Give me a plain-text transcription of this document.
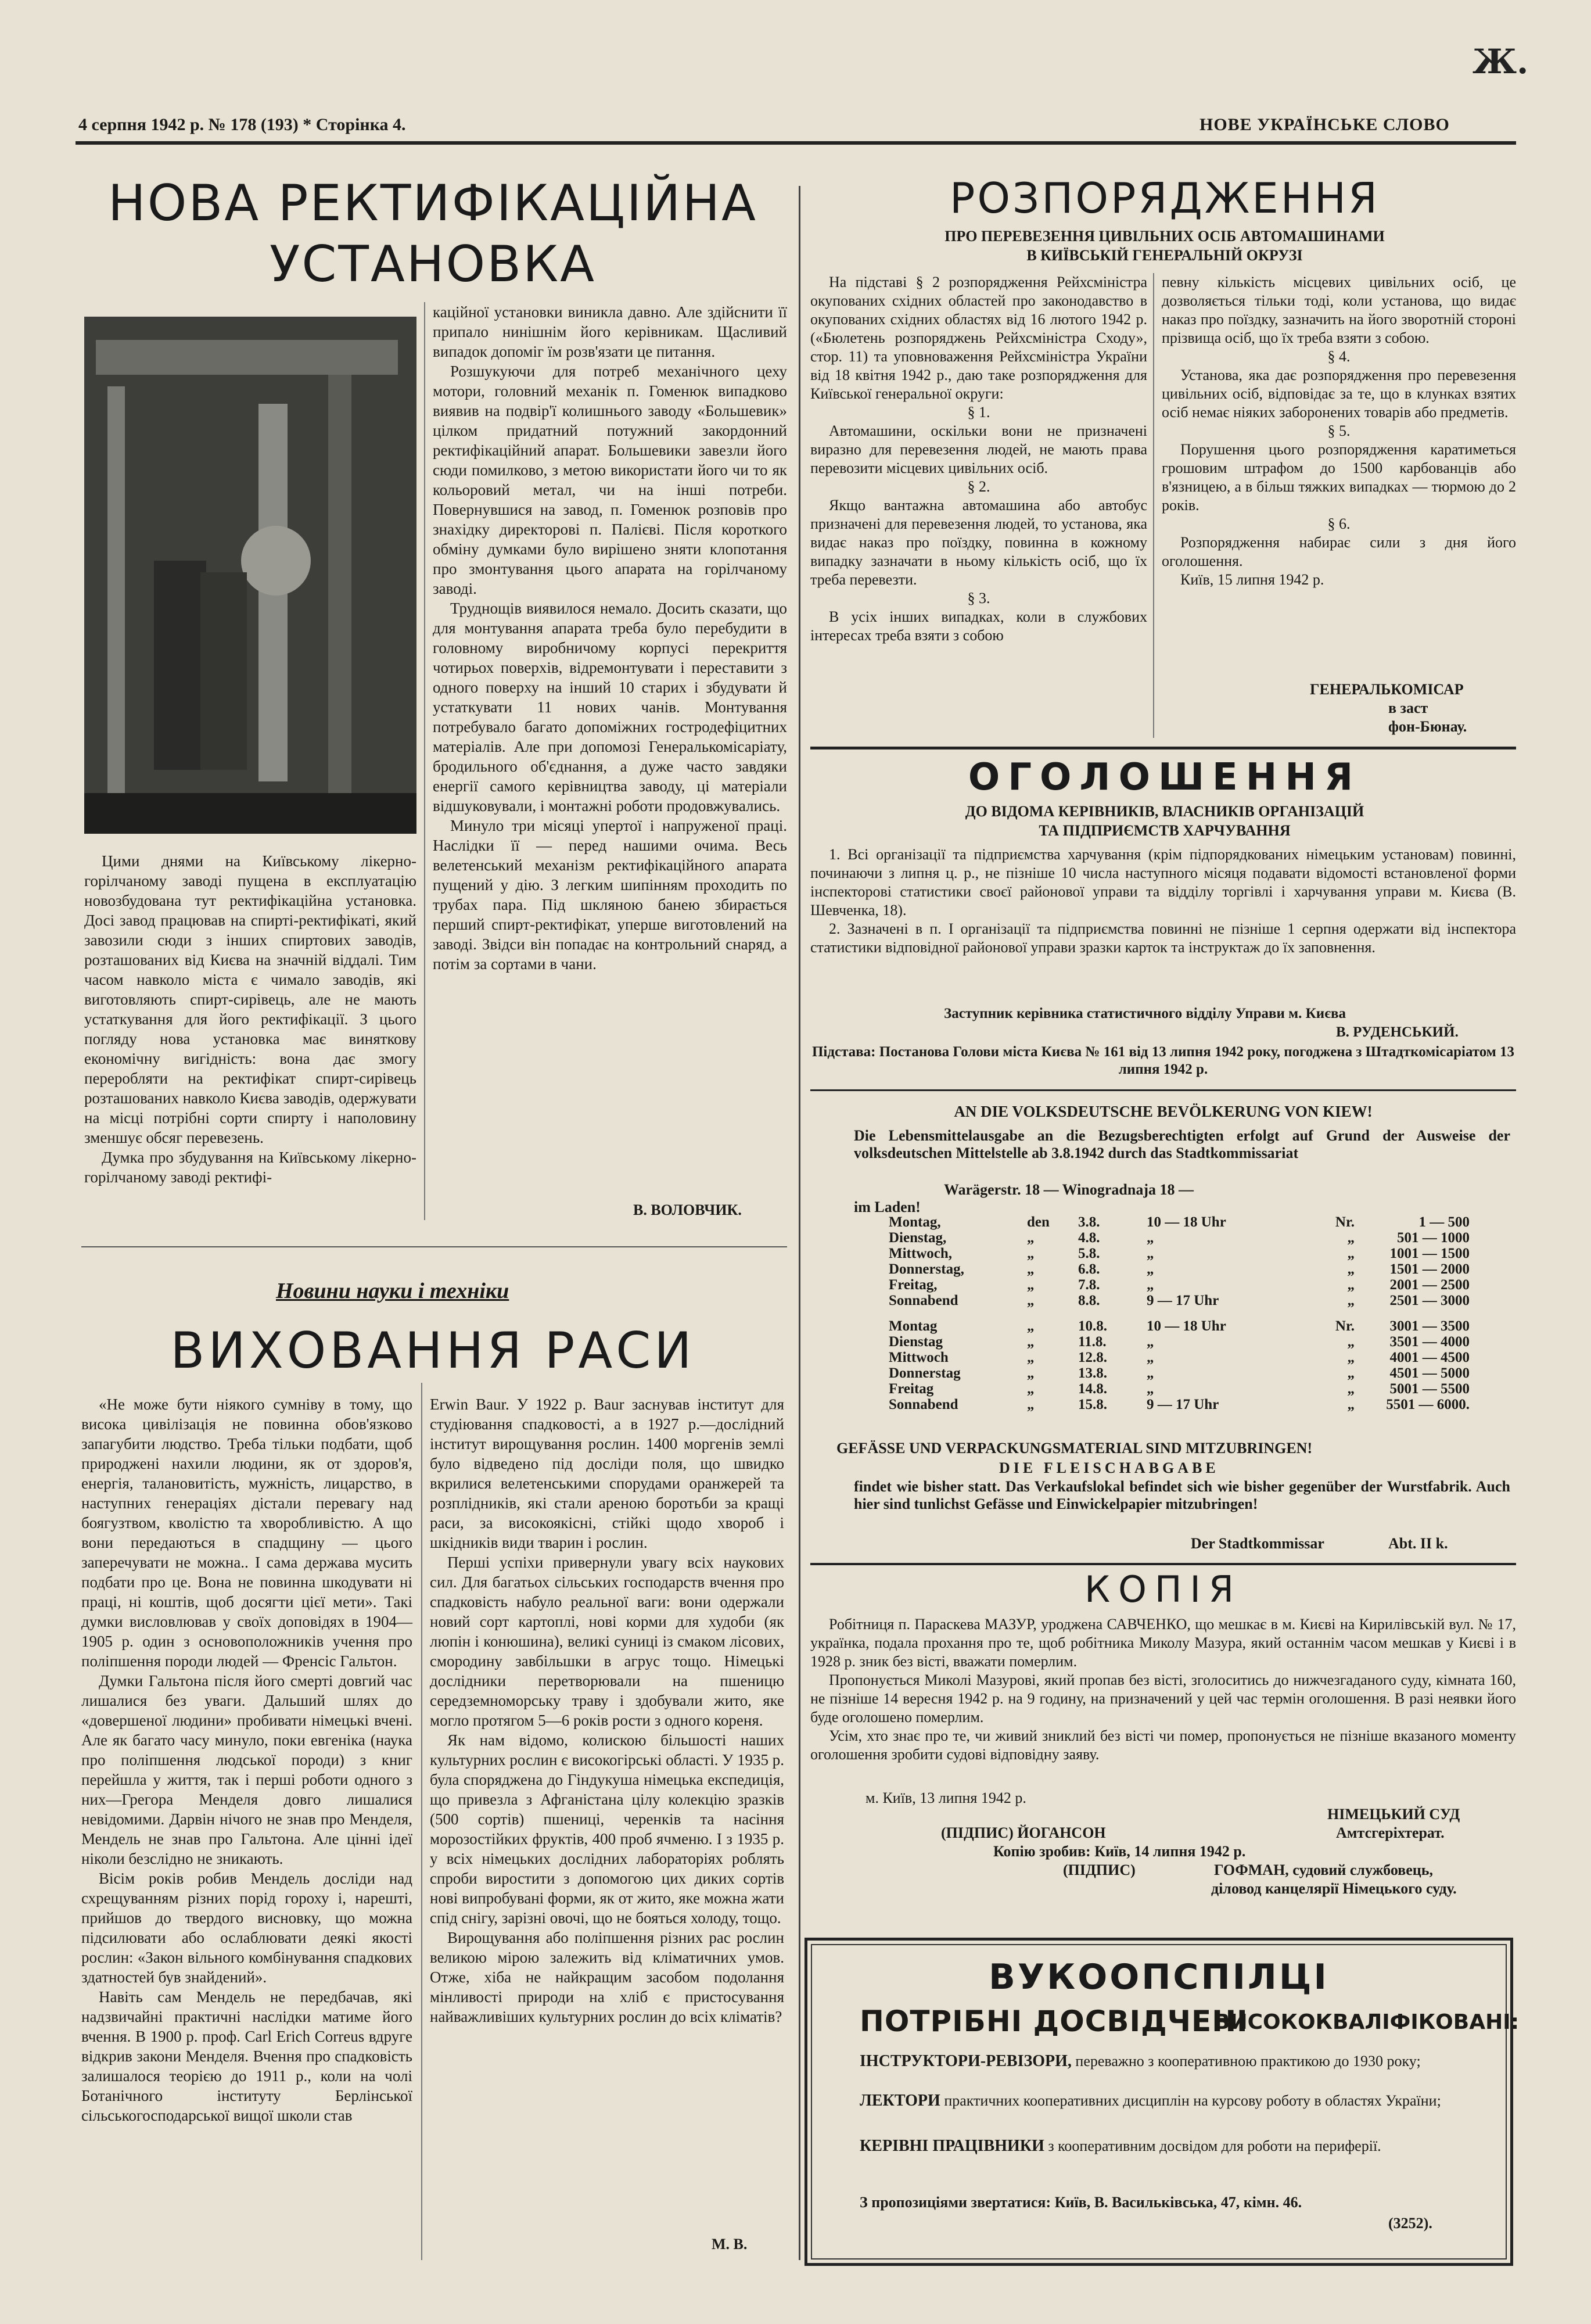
Ж.
4 серпня 1942 р. № 178 (193) * Сторінка 4.	НОВЕ УКРАЇНСЬКЕ СЛОВО
НОВА РЕКТИФІКАЦІЙНА
УСТАНОВКА

Цими днями на Київському лікерно-горілчаному заводі пущена в експлуатацію новозбудована тут ректифікаційна установка. Досі завод працював на спирті-ректифікаті, який завозили сюди з інших спиртових заводів, розташованих від Києва на значній віддалі. Тим часом навколо міста є чимало заводів, які виготовляють спирт-сирівець, але не мають устаткування для його ректифікації. З цього погляду нова установка має виняткову економічну вигідність: вона дає змогу переробляти на ректифікат спирт-сирівець розташованих навколо Києва заводів, одержувати на місці потрібні сорти спирту і наполовину зменшує обсяг перевезень.

Думка про збудування на Київському лікерно-горілчаному заводі ректифі-

каційної установки виникла давно. Але здійснити її припало нинішнім його керівникам. Щасливий випадок допоміг їм розв'язати це питання.

Розшукуючи для потреб механічного цеху мотори, головний механік п. Гоменюк випадково виявив на подвір'ї колишнього заводу «Большевик» цілком придатний потужний закордонний ректифікаційний апарат. Большевики завезли його сюди помилково, з метою використати його чи то як кольоровий метал, чи на інші потреби. Повернувшися на завод, п. Гоменюк розповів про знахідку директорові п. Палієві. Після короткого обміну думками було вирішено зняти клопотання про змонтування цього апарата на горілчаному заводі.

Труднощів виявилося немало. Досить сказати, що для монтування апарата треба було перебудити в головному виробничому корпусі перекриття чотирьох поверхів, відремонтувати і переставити з одного поверху на інший 10 старих і збудувати й устаткувати 11 нових чанів. Монтування потребувало багато допоміжних гостродефіцитних матеріалів. Але при допомозі Генералькомісаріату, бродильного об'єднання, а дуже часто завдяки енергії самого керівництва заводу, ці матеріали відшуковували, і монтажні роботи продовжувались.

Минуло три місяці упертої і напруженої праці. Наслідки її — перед нашими очима. Весь велетенський механізм ректифікаційного апарата пущений у дію. З легким шипінням проходить по трубах пара. Під шкляною банею збирається перший спирт-ректифікат, уперше виготовлений на заводі. Звідси він попадає на контрольний снаряд, а потім за сортами в чани.

В. ВОЛОВЧИК.
Новини науки і техніки
ВИХОВАННЯ РАСИ

«Не може бути ніякого сумніву в тому, що висока цивілізація не повинна обов'язково запагубити людство. Треба тільки подбати, щоб природжені нахили людини, як от здоров'я, енергія, талановитість, мужність, лицарство, в наступних генераціях дістали перевагу над боягузтвом, кволістю та хворобливістю. А що вони передаються в спадщину — цього заперечувати не можна.. І сама держава мусить подбати про це. Вона не повинна шкодувати ні праці, ні коштів, щоб досягти цієї мети». Такі думки висловлював у своїх доповідях в 1904—1905 р. один з основоположників учення про поліпшення породи людей — Френсіс Гальтон.

Думки Гальтона після його смерті довгий час лишалися без уваги. Дальший шлях до «довершеної людини» пробивати німецькі вчені. Але як багато часу минуло, поки евгеніка (наука про поліпшення людської породи) з книг перейшла у життя, так і перші роботи одного з них—Грегора Менделя довго лишалися невідомими. Дарвін нічого не знав про Менделя, Мендель не знав про Гальтона. Але цінні ідеї ніколи безслідно не зникають.

Вісім років робив Мендель досліди над схрещуванням різних порід гороху і, нарешті, прийшов до твердого висновку, що можна підсилювати або ослаблювати деякі якості рослин: «Закон вільного комбінування спадкових здатностей був знайдений».

Навіть сам Мендель не передбачав, які надзвичайні практичні наслідки матиме його вчення. В 1900 р. проф. Carl Erich Correus вдруге відкрив закони Менделя. Вчення про спадковість залишалося теорією до 1911 р., коли на чолі Ботанічного інституту Берлінської сільськогосподарської вищої школи став

Erwin Baur. У 1922 р. Baur заснував інститут для студіювання спадковості, а в 1927 р.—дослідний інститут вирощування рослин. 1400 моргенів землі було відведено під досліди поля, що швидко вкрилися велетенськими спорудами оранжерей та розплідників, які стали ареною боротьби за кращі раси, за високоякісні, стійкі щодо хвороб і шкідників види тварин і рослин.

Перші успіхи привернули увагу всіх наукових сил. Для багатьох сільських господарств вчення про спадковість набуло реальної ваги: вони одержали новий сорт картоплі, нові корми для худоби (як люпін і конюшина), великі суниці із смаком лісових, смородину завбільшки в агрус тощо. Німецькі дослідники перетворювали на пшеницю середземноморську траву і здобували жито, яке могло протягом 5—6 років рости з одного кореня.

Як нам відомо, колискою більшості наших культурних рослин є високогірські області. У 1935 р. була споряджена до Гіндукуша німецька експедиція, що привезла з Афганістана цілу колекцію зразків (500 сортів) пшениці, черенків та насіння морозостійких фруктів, 400 проб ячменю. І з 1935 р. у всіх німецьких дослідних лабораторіях роблять спроби виростити з допомогою цих диких сортів нові випробувані форми, як от жито, яке можна жати спід снігу, зарізні овочі, що не бояться холоду, тощо.

Вирощування або поліпшення різних рас рослин великою мірою залежить від кліматичних умов. Отже, хіба не найкращим засобом подолання мінливості природи на хліб є пристосування найважливіших культурних рослин до всіх кліматів?

М. В.
РОЗПОРЯДЖЕННЯ
ПРО ПЕРЕВЕЗЕННЯ ЦИВІЛЬНИХ ОСІБ АВТОМАШИНАМИ
В КИЇВСЬКІЙ ГЕНЕРАЛЬНІЙ ОКРУЗІ

На підставі § 2 розпорядження Рейхсміністра окупованих східних областей про законодавство в окупованих східних областях від 16 лютого 1942 р. («Бюлетень розпоряджень Рейхсміністра Сходу», стор. 11) та уповноваження Рейхсміністра України від 18 квітня 1942 р., даю таке розпорядження для Київської генеральної округи:

§ 1.

Автомашини, оскільки вони не призначені виразно для перевезення людей, не мають права перевозити місцевих цивільних осіб.

§ 2.

Якщо вантажна автомашина або автобус призначені для перевезення людей, то установа, яка видає наказ про поїздку, повинна в кожному випадку зазначати в ньому кількість осіб, що їх треба перевезти.

§ 3.

В усіх інших випадках, коли в службових інтересах треба взяти з собою

певну кількість місцевих цивільних осіб, це дозволяється тільки тоді, коли установа, що видає наказ про поїздку, зазначить на його зворотній стороні прізвища осіб, що їх треба взяти з собою.

§ 4.

Установа, яка дає розпорядження про перевезення цивільних осіб, відповідає за те, що в клунках взятих осіб немає ніяких заборонених товарів або предметів.

§ 5.

Порушення цього розпорядження каратиметься грошовим штрафом до 1500 карбованців або в'язницею, а в більш тяжких випадках — тюрмою до 2 років.

§ 6.

Розпорядження набирає сили з дня його оголошення.

Київ, 15 липня 1942 р.

ГЕНЕРАЛЬКОМІСАР
в заст
фон-Бюнау.
ОГОЛОШЕННЯ
ДО ВІДОМА КЕРІВНИКІВ, ВЛАСНИКІВ ОРГАНІЗАЦІЙ
ТА ПІДПРИЄМСТВ ХАРЧУВАННЯ

1. Всі організації та підприємства харчування (крім підпорядкованих німецьким установам) повинні, починаючи з липня ц. р., не пізніше 10 числа наступного місяця подавати відомості встановленої форми інспекторові статистики своєї районової управи та відділу торгівлі і харчування управи м. Києва (В. Шевченка, 18).

2. Зазначені в п. І організації та підприємства повинні не пізніше 1 серпня одержати від інспектора статистики відповідної районової управи зразки карток та інструктаж до їх заповнення.

Заступник керівника статистичного відділу Управи м. Києва
В. РУДЕНСЬКИЙ.
Підстава: Постанова Голови міста Києва № 161 від 13 липня 1942 року, погоджена з Штадткомісаріатом 13 липня 1942 р.
AN DIE VOLKSDEUTSCHE BEVÖLKERUNG VON KIEW!
Die Lebensmittelausgabe an die Bezugsberechtigten erfolgt auf Grund der Ausweise der volksdeutschen Mittelstelle ab 3.8.1942 durch das Stadtkommissariat
Warägerstr. 18 — Winogradnaja 18 —
im Laden!
Montag,	den	3.8.	10 — 18 Uhr	Nr.	1 — 500
Dienstag,	„	4.8.	„	„	501 — 1000
Mittwoch,	„	5.8.	„	„	1001 — 1500
Donnerstag,	„	6.8.	„	„	1501 — 2000
Freitag,	„	7.8.	„	„	2001 — 2500
Sonnabend	„	8.8.	9 — 17 Uhr	„	2501 — 3000
Montag	„	10.8.	10 — 18 Uhr	Nr.	3001 — 3500
Dienstag	„	11.8.	„	„	3501 — 4000
Mittwoch	„	12.8.	„	„	4001 — 4500
Donnerstag	„	13.8.	„	„	4501 — 5000
Freitag	„	14.8.	„	„	5001 — 5500
Sonnabend	„	15.8.	9 — 17 Uhr	„	5501 — 6000.
GEFÄSSE UND VERPACKUNGSMATERIAL SIND MITZUBRINGEN!
DIE FLEISCHABGABE
findet wie bisher statt. Das Verkaufslokal befindet sich wie bisher gegenüber der Wurstfabrik. Auch hier sind tunlichst Gefässe und Einwickelpapier mitzubringen!
Der Stadtkommissar	Abt. II k.
КОПІЯ

Робітниця п. Параскева МАЗУР, уроджена САВЧЕНКО, що мешкає в м. Києві на Кирилівській вул. № 17, українка, подала прохання про те, щоб робітника Миколу Мазура, який останнім часом мешкав у Києві і в 1928 р. зник без вісті, вважати померлим.

Пропонується Миколі Мазурові, який пропав без вісті, зголоситись до нижчезгаданого суду, кімната 160, не пізніше 14 вересня 1942 р. на 9 годину, на призначений у цей час термін оголошення. В разі неявки його буде оголошено померлим.

Усім, хто знає про те, чи живий зниклий без вісті чи помер, пропонується не пізніше вказаного моменту оголошення зробити судові відповідну заяву.

м. Київ, 13 липня 1942 р.
НІМЕЦЬКИЙ СУД
(ПІДПИС) ЙОГАНСОН	Амтсгеріхтерат.
Копію зробив: Київ, 14 липня 1942 р.
(ПІДПИС)	ГОФМАН, судовий службовець,
діловод канцелярії Німецького суду.
ВУКООПСПІЛЦІ
ПОТРІБНІ ДОСВІДЧЕНІ
ВИСОКОКВАЛІФІКОВАНІ:
ІНСТРУКТОРИ-РЕВІЗОРИ, переважно з кооперативною практикою до 1930 року;
ЛЕКТОРИ практичних кооперативних дисциплін на курсову роботу в областях України;
КЕРІВНІ ПРАЦІВНИКИ з кооперативним досвідом для роботи на периферії.
З пропозиціями звертатися: Київ, В. Васильківська, 47, кімн. 46.
(3252).
